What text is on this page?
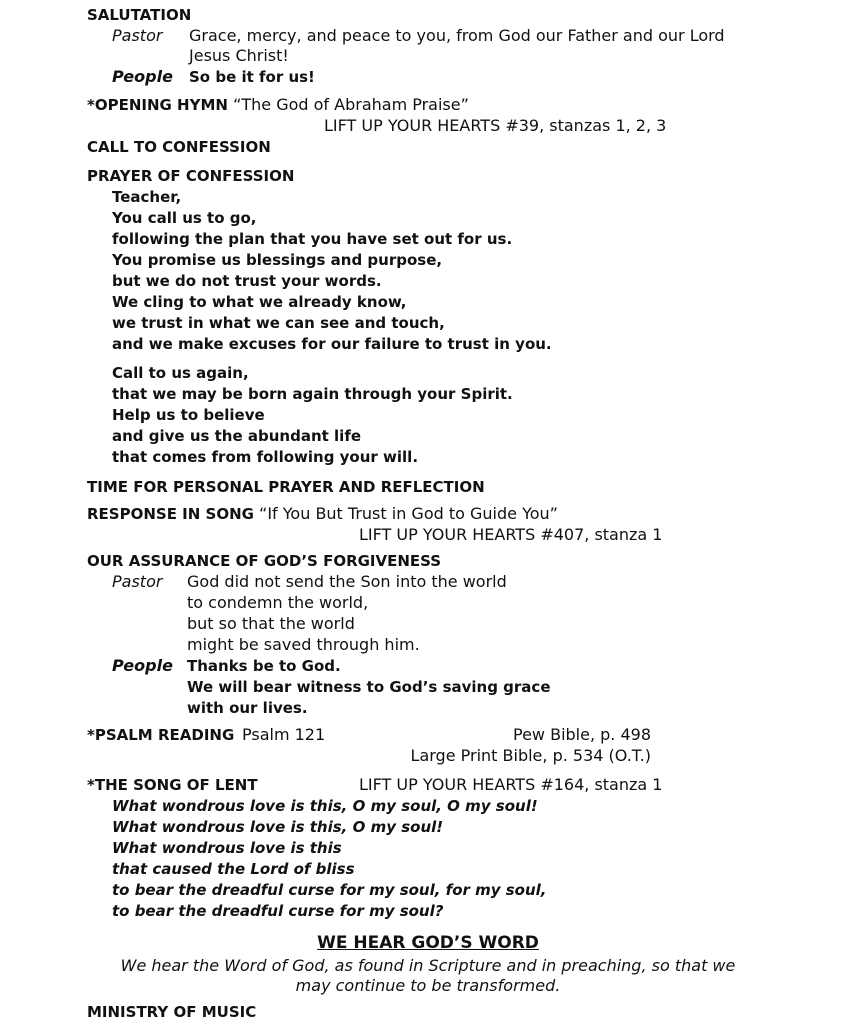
SALUTATION
Pastor Grace, mercy, and peace to you, from God our Father and our Lord
Jesus Christ!
People So be it for us!
*OPENING HYMN “The God of Abraham Praise”
LIFT UP YOUR HEARTS #39, stanzas 1, 2, 3
CALL TO CONFESSION
PRAYER OF CONFESSION
Teacher,
You call us to go,
following the plan that you have set out for us.
You promise us blessings and purpose,
but we do not trust your words.
We cling to what we already know,
we trust in what we can see and touch,
and we make excuses for our failure to trust in you.
Call to us again,
that we may be born again through your Spirit.
Help us to believe
and give us the abundant life
that comes from following your will.
TIME FOR PERSONAL PRAYER AND REFLECTION
RESPONSE IN SONG “If You But Trust in God to Guide You”
LIFT UP YOUR HEARTS #407, stanza 1
OUR ASSURANCE OF GOD’S FORGIVENESS
Pastor God did not send the Son into the world
to condemn the world,
but so that the world
might be saved through him.
People Thanks be to God.
We will bear witness to God’s saving grace
with our lives.
*PSALM READING Psalm 121	Pew Bible, p. 498
Large Print Bible, p. 534 (O.T.)
*THE SONG OF LENT	LIFT UP YOUR HEARTS #164, stanza 1
What wondrous love is this, O my soul, O my soul!
What wondrous love is this, O my soul!
What wondrous love is this
that caused the Lord of bliss
to bear the dreadful curse for my soul, for my soul,
to bear the dreadful curse for my soul?
WE HEAR GOD’S WORD
We hear the Word of God, as found in Scripture and in preaching, so that we
may continue to be transformed.
MINISTRY OF MUSIC
